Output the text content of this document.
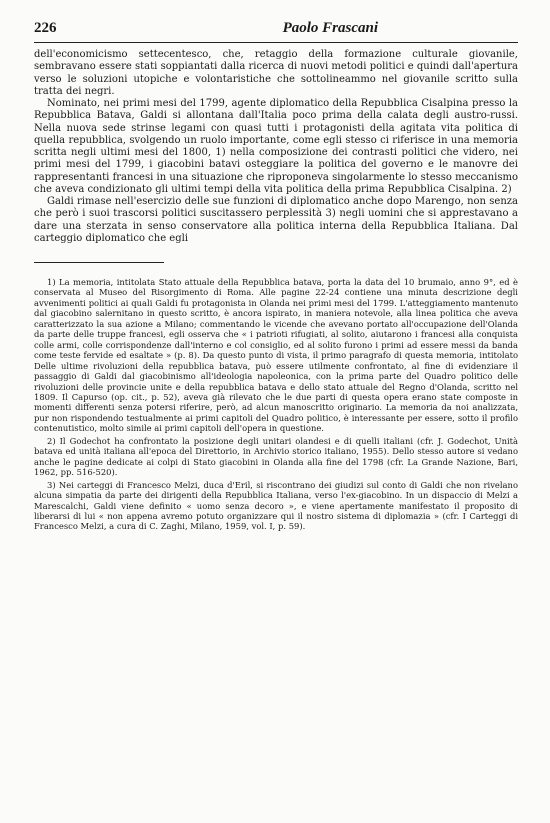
226	Paolo Frascani

dell'economicismo settecentesco, che, retaggio della formazione culturale giovanile, sembravano essere stati soppiantati dalla ricerca di nuovi metodi politici e quindi dall'apertura verso le soluzioni utopiche e volontaristiche che sottolineammo nel giovanile scritto sulla tratta dei negri.

Nominato, nei primi mesi del 1799, agente diplomatico della Repubblica Cisalpina presso la Repubblica Batava, Galdi si allontana dall'Italia poco prima della calata degli austro-russi. Nella nuova sede strinse legami con quasi tutti i protagonisti della agitata vita politica di quella repubblica, svolgendo un ruolo importante, come egli stesso ci riferisce in una memoria scritta negli ultimi mesi del 1800, 1) nella composizione dei contrasti politici che videro, nei primi mesi del 1799, i giacobini batavi osteggiare la politica del governo e le manovre dei rappresentanti francesi in una situazione che riproponeva singolarmente lo stesso meccanismo che aveva condizionato gli ultimi tempi della vita politica della prima Repubblica Cisalpina. 2)

Galdi rimase nell'esercizio delle sue funzioni di diplomatico anche dopo Marengo, non senza che però i suoi trascorsi politici suscitassero perplessità 3) negli uomini che si apprestavano a dare una sterzata in senso conservatore alla politica interna della Repubblica Italiana. Dal carteggio diplomatico che egli

1) La memoria, intitolata Stato attuale della Repubblica batava, porta la data del 10 brumaio, anno 9°, ed è conservata al Museo del Risorgimento di Roma. Alle pagine 22-24 contiene una minuta descrizione degli avvenimenti politici ai quali Galdi fu protagonista in Olanda nei primi mesi del 1799. L'atteggiamento mantenuto dal giacobino salernitano in questo scritto, è ancora ispirato, in maniera notevole, alla linea politica che aveva caratterizzato la sua azione a Milano; commentando le vicende che avevano portato all'occupazione dell'Olanda da parte delle truppe francesi, egli osserva che « i patrioti rifugiati, al solito, aiutarono i francesi alla conquista colle armi, colle corrispondenze dall'interno e col consiglio, ed al solito furono i primi ad essere messi da banda come teste fervide ed esaltate » (p. 8). Da questo punto di vista, il primo paragrafo di questa memoria, intitolato Delle ultime rivoluzioni della repubblica batava, può essere utilmente confrontato, al fine di evidenziare il passaggio di Galdi dal giacobinismo all'ideologia napoleonica, con la prima parte del Quadro politico delle rivoluzioni delle provincie unite e della repubblica batava e dello stato attuale del Regno d'Olanda, scritto nel 1809. Il Capurso (op. cit., p. 52), aveva già rilevato che le due parti di questa opera erano state composte in momenti differenti senza potersi riferire, però, ad alcun manoscritto originario. La memoria da noi analizzata, pur non rispondendo testualmente ai primi capitoli del Quadro politico, è interessante per essere, sotto il profilo contenutistico, molto simile ai primi capitoli dell'opera in questione.

2) Il Godechot ha confrontato la posizione degli unitari olandesi e di quelli italiani (cfr. J. Godechot, Unità batava ed unità italiana all'epoca del Direttorio, in Archivio storico italiano, 1955). Dello stesso autore si vedano anche le pagine dedicate ai colpi di Stato giacobini in Olanda alla fine del 1798 (cfr. La Grande Nazione, Bari, 1962, pp. 516-520).

3) Nei carteggi di Francesco Melzi, duca d'Eril, si riscontrano dei giudizi sul conto di Galdi che non rivelano alcuna simpatia da parte dei dirigenti della Repubblica Italiana, verso l'ex-giacobino. In un dispaccio di Melzi a Marescalchi, Galdi viene definito « uomo senza decoro », e viene apertamente manifestato il proposito di liberarsi di lui « non appena avremo potuto organizzare qui il nostro sistema di diplomazia » (cfr. I Carteggi di Francesco Melzi, a cura di C. Zaghi, Milano, 1959, vol. I, p. 59).
